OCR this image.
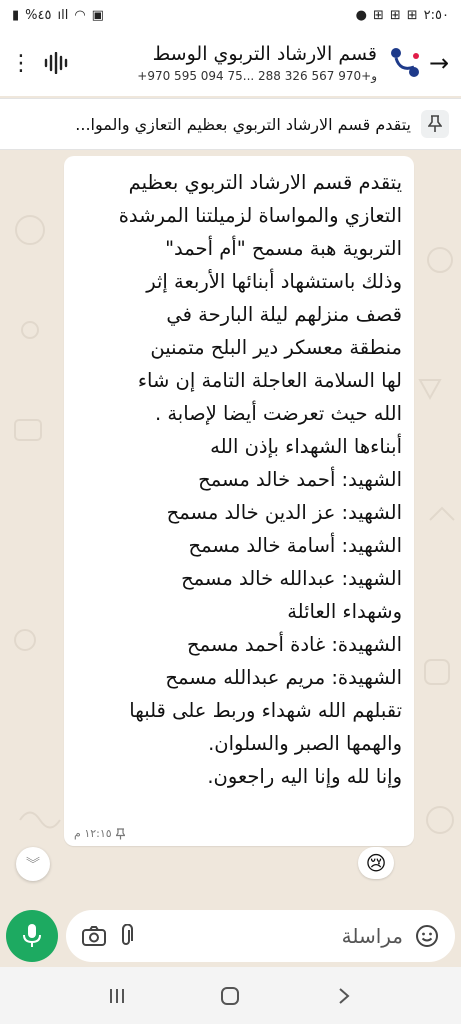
▮ %٤٥ ıll ◠ ▣	● ⊞ ⊞ ⊞ ٢:٥٠
⋮	قسم الارشاد التربوي الوسط
+970 595 094 75... و+970 567 326 288 →
يتقدم قسم الارشاد التربوي بعظيم التعازي والموا...
يتقدم قسم الارشاد التربوي بعظيم
التعازي والمواساة لزميلتنا المرشدة
التربوية هبة مسمح "أم أحمد"
وذلك باستشهاد أبنائها الأربعة إثر
قصف منزلهم ليلة البارحة في
منطقة معسكر دير البلح متمنين
لها السلامة العاجلة التامة إن شاء
الله حيث تعرضت أيضا لإصابة .
أبناءها الشهداء بإذن الله
الشهيد: أحمد خالد مسمح
الشهيد: عز الدين خالد مسمح
الشهيد: أسامة خالد مسمح
الشهيد: عبدالله خالد مسمح
وشهداء العائلة
الشهيدة: غادة أحمد مسمح
الشهيدة: مريم عبدالله مسمح
تقبلهم الله شهداء وربط على قلبها
والهمها الصبر والسلوان.
وإنا لله وإنا اليه راجعون.
١٢:١٥ م
😢
︾
مراسلة
